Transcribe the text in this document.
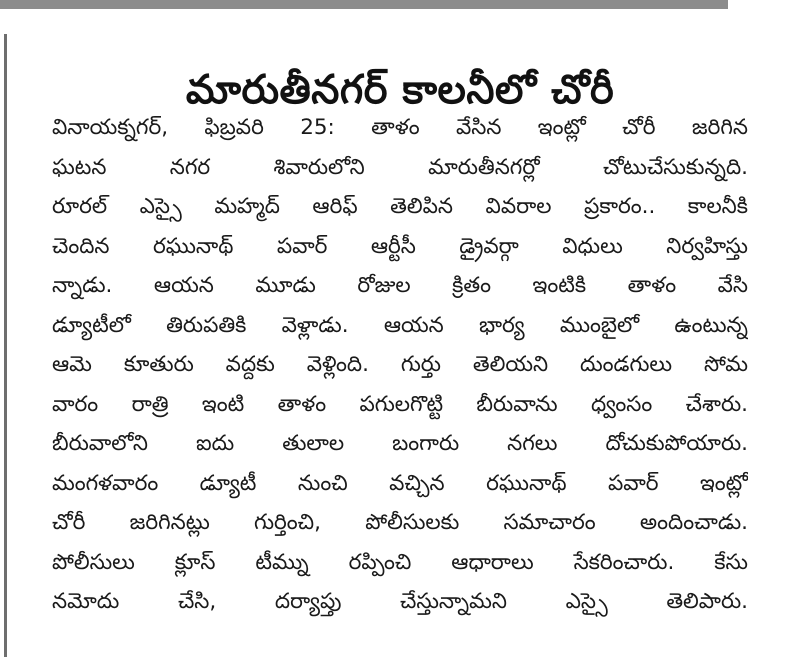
మారుతీనగర్ కాలనీలో చోరీ
వినాయక్నగర్, ఫిబ్రవరి 25: తాళం వేసిన ఇంట్లో చోరీ జరిగిన
ఘటన నగర శివారులోని మారుతీనగర్లో చోటుచేసుకున్నది.
రూరల్ ఎస్సై మహ్మద్ ఆరిఫ్ తెలిపిన వివరాల ప్రకారం.. కాలనీకి
చెందిన రఘునాథ్ పవార్ ఆర్టీసీ డ్రైవర్గా విధులు నిర్వహిస్తు
న్నాడు. ఆయన మూడు రోజుల క్రితం ఇంటికి తాళం వేసి
డ్యూటీలో తిరుపతికి వెళ్లాడు. ఆయన భార్య ముంబైలో ఉంటున్న
ఆమె కూతురు వద్దకు వెళ్లింది. గుర్తు తెలియని దుండగులు సోమ
వారం రాత్రి ఇంటి తాళం పగులగొట్టి బీరువాను ధ్వంసం చేశారు.
బీరువాలోని ఐదు తులాల బంగారు నగలు దోచుకుపోయారు.
మంగళవారం డ్యూటీ నుంచి వచ్చిన రఘునాథ్ పవార్ ఇంట్లో
చోరీ జరిగినట్లు గుర్తించి, పోలీసులకు సమాచారం అందించాడు.
పోలీసులు క్లూస్ టీమ్ను రప్పించి ఆధారాలు సేకరించారు. కేసు
నమోదు చేసి, దర్యాప్తు చేస్తున్నామని ఎస్సై తెలిపారు.
